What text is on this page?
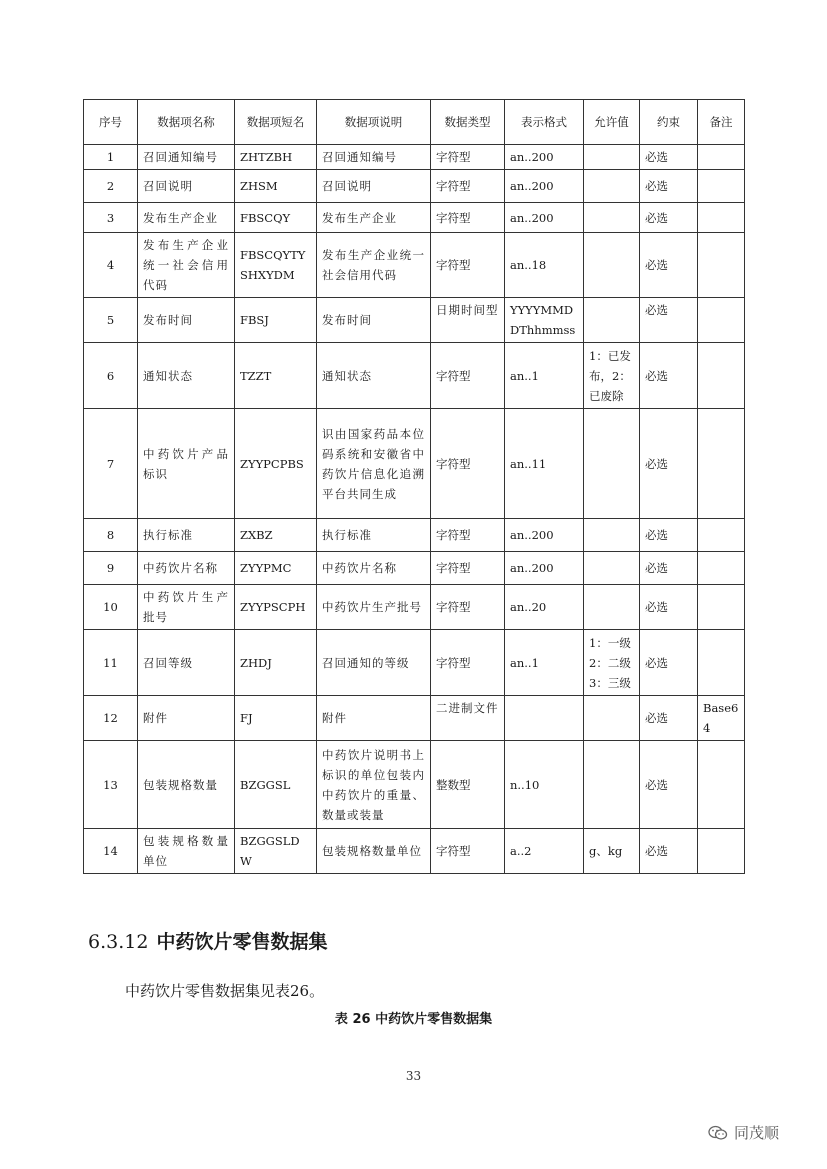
序号	数据项名称	数据项短名	数据项说明	数据类型	表示格式	允许值	约束	备注
1	召回通知编号	ZHTZBH	召回通知编号	字符型	an..200		必选	
2	召回说明	ZHSM	召回说明	字符型	an..200		必选	
3	发布生产企业	FBSCQY	发布生产企业	字符型	an..200		必选	
4	发布生产企业统一社会信用代码	FBSCQYTYSHXYDM	发布生产企业统一社会信用代码	字符型	an..18		必选	
5	发布时间	FBSJ	发布时间	日期时间型	YYYYMMDDThhmmss		必选	
6	通知状态	TZZT	通知状态	字符型	an..1	1：已发布，2：已废除	必选	
7	中药饮片产品标识	ZYYPCPBS	识由国家药品本位码系统和安徽省中药饮片信息化追溯平台共同生成	字符型	an..11		必选	
8	执行标准	ZXBZ	执行标准	字符型	an..200		必选	
9	中药饮片名称	ZYYPMC	中药饮片名称	字符型	an..200		必选	
10	中药饮片生产批号	ZYYPSCPH	中药饮片生产批号	字符型	an..20		必选	
11	召回等级	ZHDJ	召回通知的等级	字符型	an..1	1：一级 2：二级 3：三级	必选	
12	附件	FJ	附件	二进制文件			必选	Base64
13	包装规格数量	BZGGSL	中药饮片说明书上标识的单位包装内中药饮片的重量、数量或装量	整数型	n..10		必选	
14	包装规格数量单位	BZGGSLDW	包装规格数量单位	字符型	a..2	g、kg	必选	
6.3.12 中药饮片零售数据集
中药饮片零售数据集见表26。
表 26 中药饮片零售数据集
33
同茂顺
